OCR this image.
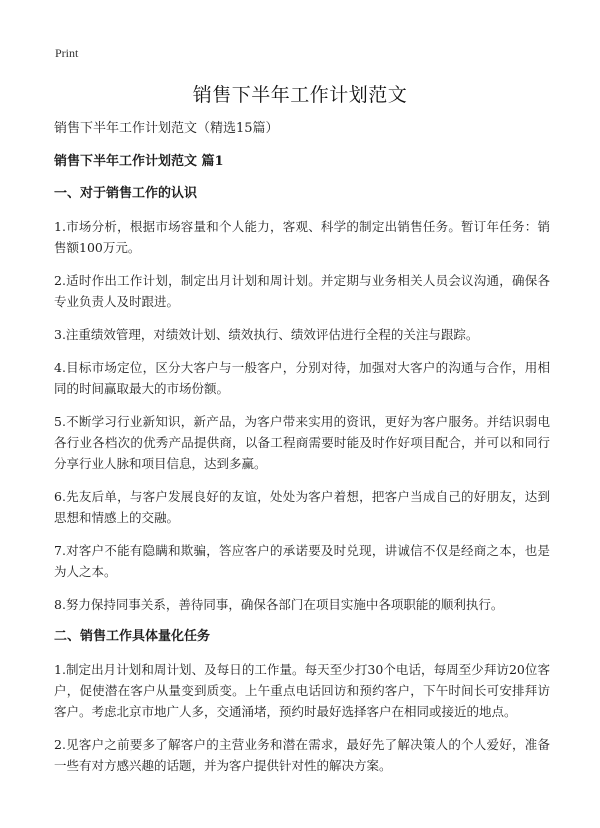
Print
销售下半年工作计划范文

销售下半年工作计划范文（精选15篇）

销售下半年工作计划范文 篇1

一、对于销售工作的认识

1.市场分析，根据市场容量和个人能力，客观、科学的制定出销售任务。暂订年任务：销售额100万元。

2.适时作出工作计划，制定出月计划和周计划。并定期与业务相关人员会议沟通，确保各专业负责人及时跟进。

3.注重绩效管理，对绩效计划、绩效执行、绩效评估进行全程的关注与跟踪。

4.目标市场定位，区分大客户与一般客户，分别对待，加强对大客户的沟通与合作，用相同的时间赢取最大的市场份额。

5.不断学习行业新知识，新产品，为客户带来实用的资讯，更好为客户服务。并结识弱电各行业各档次的优秀产品提供商，以备工程商需要时能及时作好项目配合，并可以和同行分享行业人脉和项目信息，达到多赢。

6.先友后单，与客户发展良好的友谊，处处为客户着想，把客户当成自己的好朋友，达到思想和情感上的交融。

7.对客户不能有隐瞒和欺骗，答应客户的承诺要及时兑现，讲诚信不仅是经商之本，也是为人之本。

8.努力保持同事关系，善待同事，确保各部门在项目实施中各项职能的顺利执行。

二、销售工作具体量化任务

1.制定出月计划和周计划、及每日的工作量。每天至少打30个电话，每周至少拜访20位客户，促使潜在客户从量变到质变。上午重点电话回访和预约客户，下午时间长可安排拜访客户。考虑北京市地广人多，交通涌堵，预约时最好选择客户在相同或接近的地点。

2.见客户之前要多了解客户的主营业务和潜在需求，最好先了解决策人的个人爱好，准备一些有对方感兴趣的话题，并为客户提供针对性的解决方案。
